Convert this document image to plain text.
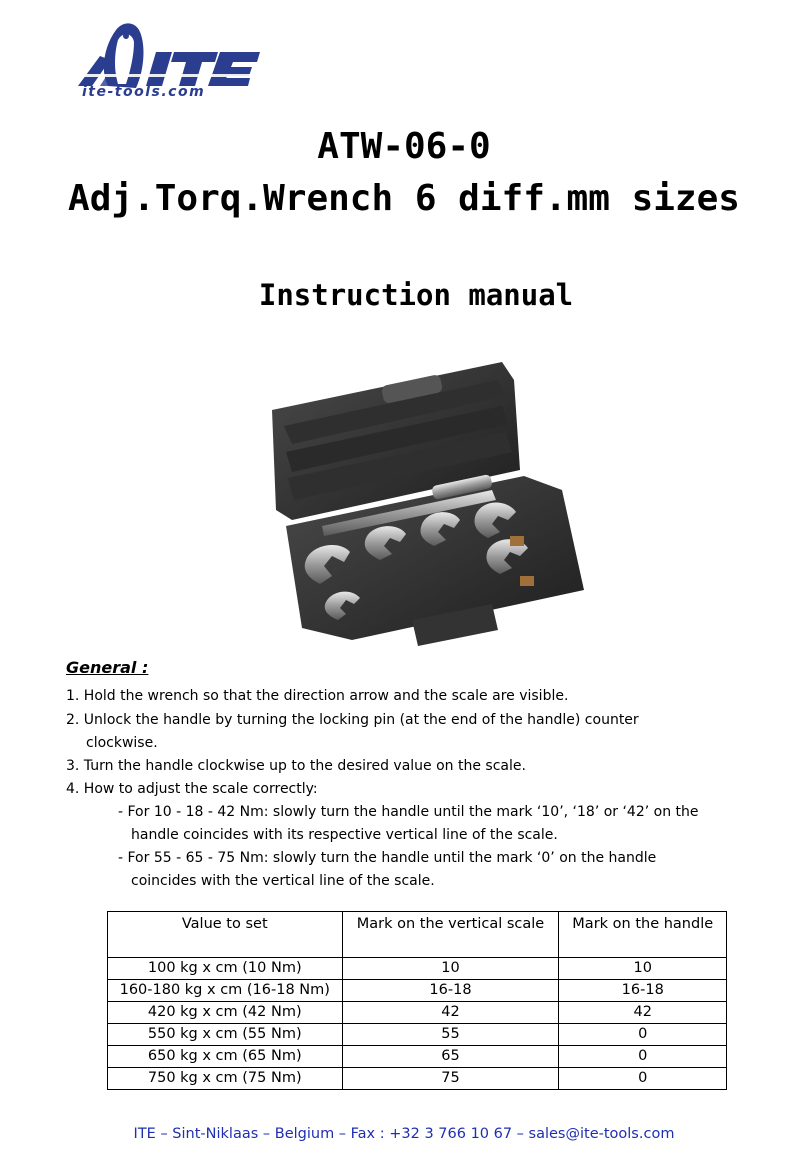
ite-tools.com
ATW-06-0
Adj.Torq.Wrench 6 diff.mm sizes
Instruction manual
General :
1. Hold the wrench so that the direction arrow and the scale are visible.
2. Unlock the handle by turning the locking pin (at the end of the handle) counter
clockwise.
3. Turn the handle clockwise up to the desired value on the scale.
4. How to adjust the scale correctly:
- For 10 - 18 - 42 Nm: slowly turn the handle until the mark ‘10’, ‘18’ or ‘42’ on the
handle coincides with its respective vertical line of the scale.
- For 55 - 65 - 75 Nm: slowly turn the handle until the mark ‘0’ on the handle
coincides with the vertical line of the scale.
Value to set	Mark on the vertical scale	Mark on the handle
100 kg x cm (10 Nm)	10	10
160-180 kg x cm (16-18 Nm)	16-18	16-18
420 kg x cm (42 Nm)	42	42
550 kg x cm (55 Nm)	55	0
650 kg x cm (65 Nm)	65	0
750 kg x cm (75 Nm)	75	0
ITE – Sint-Niklaas – Belgium – Fax : +32 3 766 10 67 – sales@ite-tools.com
